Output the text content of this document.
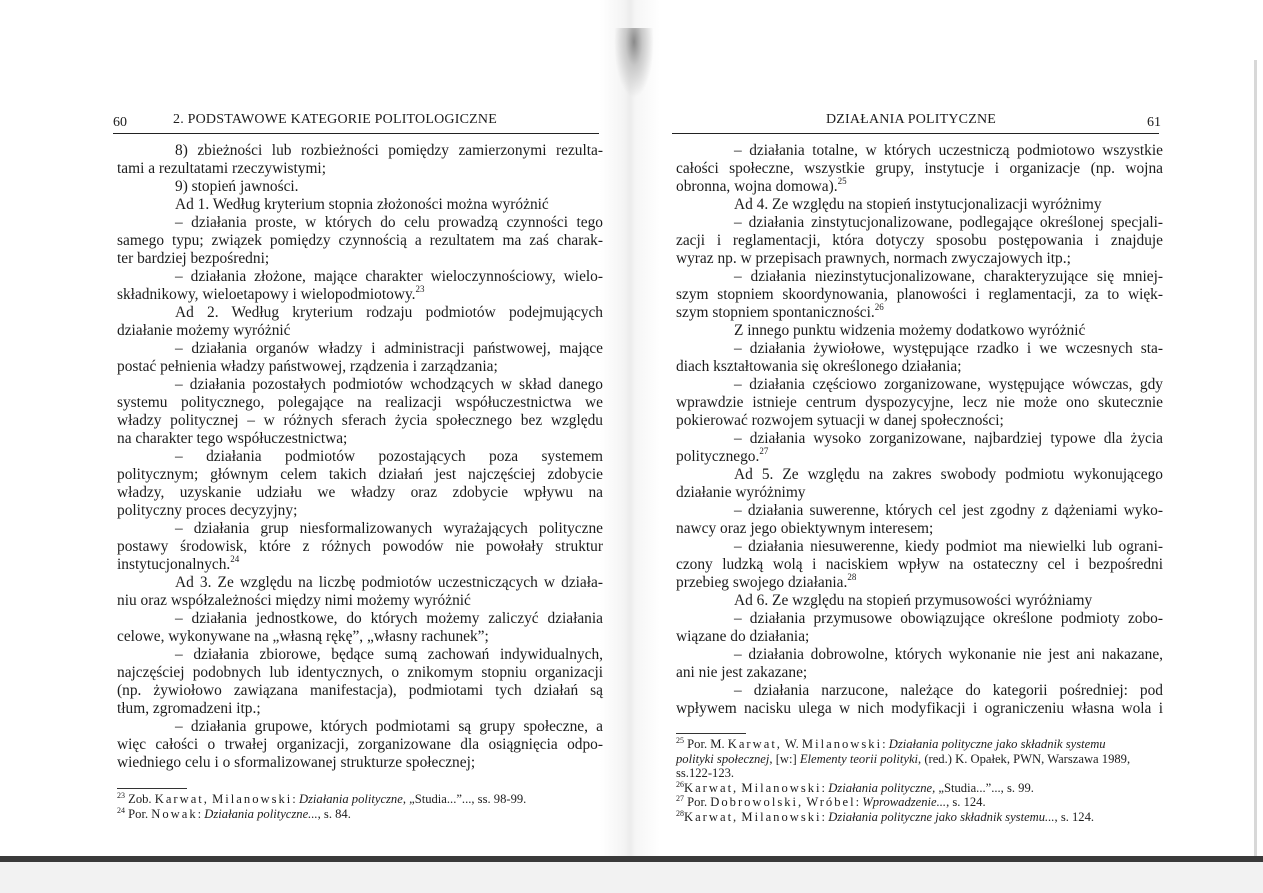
60	2. PODSTAWOWE KATEGORIE POLITOLOGICZNE
8) zbieżności lub rozbieżności pomiędzy zamierzonymi rezulta-
tami a rezultatami rzeczywistymi;
9) stopień jawności.
Ad 1. Według kryterium stopnia złożoności można wyróżnić
– działania proste, w których do celu prowadzą czynności tego
samego typu; związek pomiędzy czynnością a rezultatem ma zaś charak-
ter bardziej bezpośredni;
– działania złożone, mające charakter wieloczynnościowy, wielo-
składnikowy, wieloetapowy i wielopodmiotowy.$^{23}$
Ad 2. Według kryterium rodzaju podmiotów podejmujących
działanie możemy wyróżnić
– działania organów władzy i administracji państwowej, mające
postać pełnienia władzy państwowej, rządzenia i zarządzania;
– działania pozostałych podmiotów wchodzących w skład danego
systemu politycznego, polegające na realizacji współuczestnictwa we
władzy politycznej – w różnych sferach życia społecznego bez względu
na charakter tego współuczestnictwa;
– działania podmiotów pozostających poza systemem
politycznym; głównym celem takich działań jest najczęściej zdobycie
władzy, uzyskanie udziału we władzy oraz zdobycie wpływu na
polityczny proces decyzyjny;
– działania grup niesformalizowanych wyrażających polityczne
postawy środowisk, które z różnych powodów nie powołały struktur
instytucjonalnych.$^{24}$
Ad 3. Ze względu na liczbę podmiotów uczestniczących w działa-
niu oraz współzależności między nimi możemy wyróżnić
– działania jednostkowe, do których możemy zaliczyć działania
celowe, wykonywane na „własną rękę”, „własny rachunek”;
– działania zbiorowe, będące sumą zachowań indywidualnych,
najczęściej podobnych lub identycznych, o znikomym stopniu organizacji
(np. żywiołowo zawiązana manifestacja), podmiotami tych działań są
tłum, zgromadzeni itp.;
– działania grupowe, których podmiotami są grupy społeczne, a
więc całości o trwałej organizacji, zorganizowane dla osiągnięcia odpo-
wiedniego celu i o sformalizowanej strukturze społecznej;
$^{23}$ Zob. Karwat, Milanowski: Działania polityczne, „Studia...”..., ss. 98-99.
$^{24}$ Por. Nowak: Działania polityczne..., s. 84.
DZIAŁANIA POLITYCZNE	61
– działania totalne, w których uczestniczą podmiotowo wszystkie
całości społeczne, wszystkie grupy, instytucje i organizacje (np. wojna
obronna, wojna domowa).$^{25}$
Ad 4. Ze względu na stopień instytucjonalizacji wyróżnimy
– działania zinstytucjonalizowane, podlegające określonej specjali-
zacji i reglamentacji, która dotyczy sposobu postępowania i znajduje
wyraz np. w przepisach prawnych, normach zwyczajowych itp.;
– działania niezinstytucjonalizowane, charakteryzujące się mniej-
szym stopniem skoordynowania, planowości i reglamentacji, za to więk-
szym stopniem spontaniczności.$^{26}$
Z innego punktu widzenia możemy dodatkowo wyróżnić
– działania żywiołowe, występujące rzadko i we wczesnych sta-
diach kształtowania się określonego działania;
– działania częściowo zorganizowane, występujące wówczas, gdy
wprawdzie istnieje centrum dyspozycyjne, lecz nie może ono skutecznie
pokierować rozwojem sytuacji w danej społeczności;
– działania wysoko zorganizowane, najbardziej typowe dla życia
politycznego.$^{27}$
Ad 5. Ze względu na zakres swobody podmiotu wykonującego
działanie wyróżnimy
– działania suwerenne, których cel jest zgodny z dążeniami wyko-
nawcy oraz jego obiektywnym interesem;
– działania niesuwerenne, kiedy podmiot ma niewielki lub ograni-
czony ludzką wolą i naciskiem wpływ na ostateczny cel i bezpośredni
przebieg swojego działania.$^{28}$
Ad 6. Ze względu na stopień przymusowości wyróżniamy
– działania przymusowe obowiązujące określone podmioty zobo-
wiązane do działania;
– działania dobrowolne, których wykonanie nie jest ani nakazane,
ani nie jest zakazane;
– działania narzucone, należące do kategorii pośredniej: pod
wpływem nacisku ulega w nich modyfikacji i ograniczeniu własna wola i
$^{25}$ Por. M. Karwat, W. Milanowski: Działania polityczne jako składnik systemu
polityki społecznej, [w:] Elementy teorii polityki, (red.) K. Opałek, PWN, Warszawa 1989,
ss.122-123.
$^{26}$Karwat, Milanowski: Działania polityczne, „Studia...”..., s. 99.
$^{27}$ Por. Dobrowolski, Wróbel: Wprowadzenie..., s. 124.
$^{28}$Karwat, Milanowski: Działania polityczne jako składnik systemu..., s. 124.
